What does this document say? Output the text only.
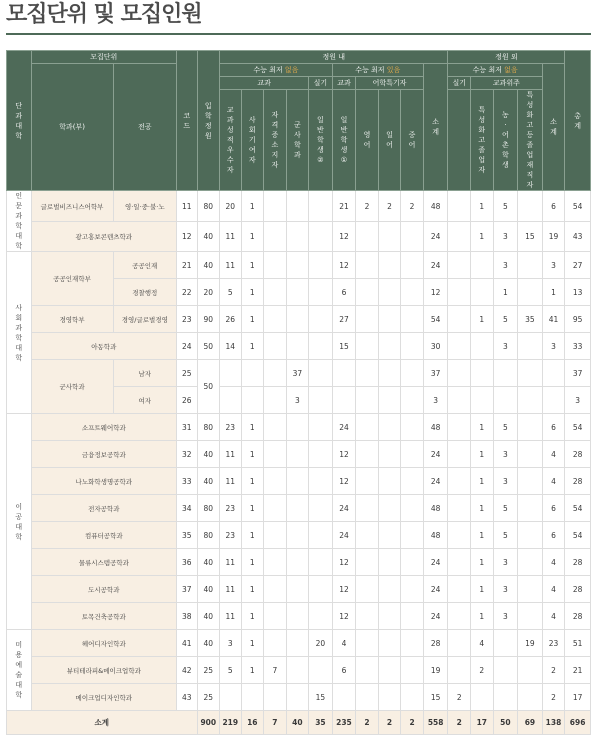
모집단위 및 모집인원
단과대학	모집단위		코드	입학정원	정원 내										정원 외					총계
	학과(부)	전공			수능 최저 없음					수능 최저 있음				소계	수능 최저 없음				소계	
					교과				실기	교과	어학특기자				실기	교과위주				
					교과성적우수자	사회기여자	자격증소지자	군사학과	일반학생②	일반학생①	영어	일어	중어			특성화고졸업자	농·어촌학생	특성화고등졸업재직자		
인문과학대학	글로벌비즈니스어학부	영·일·중·불·노	11	80	20	1				21	2	2	2	48		1	5		6	54
	광고홍보콘텐츠학과		12	40	11	1				12				24		1	3	15	19	43
사회과학대학	공공인재학부	공공인재	21	40	11	1				12				24			3		3	27
		경찰행정	22	20	5	1				6				12			1		1	13
	경영학부	경영/글로벌경영	23	90	26	1				27				54		1	5	35	41	95
	아동학과		24	50	14	1				15				30			3		3	33
	군사학과	남자	25	50				37						37						37
		여자	26					3						3						3
이공대학	소프트웨어학과		31	80	23	1				24				48		1	5		6	54
	금융정보공학과		32	40	11	1				12				24		1	3		4	28
	나노화학생명공학과		33	40	11	1				12				24		1	3		4	28
	전자공학과		34	80	23	1				24				48		1	5		6	54
	컴퓨터공학과		35	80	23	1				24				48		1	5		6	54
	물류시스템공학과		36	40	11	1				12				24		1	3		4	28
	도시공학과		37	40	11	1				12				24		1	3		4	28
	토목건축공학과		38	40	11	1				12				24		1	3		4	28
미용예술대학	헤어디자인학과		41	40	3	1			20	4				28		4		19	23	51
	뷰티테라피&메이크업학과		42	25	5	1	7			6				19		2			2	21
	메이크업디자인학과		43	25					15					15	2				2	17
소계				900	219	16	7	40	35	235	2	2	2	558	2	17	50	69	138	696
